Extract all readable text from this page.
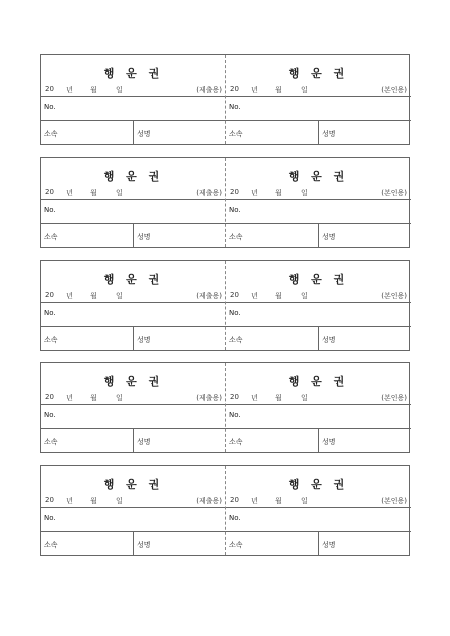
행 운 권
20 년 월	일	(제출용)
No.
소속	성명
행 운 권
20 년 월	일	(본인용)
No.
소속	성명
행 운 권
20 년 월	일	(제출용)
No.
소속	성명
행 운 권
20 년 월	일	(본인용)
No.
소속	성명
행 운 권
20 년 월	일	(제출용)
No.
소속	성명
행 운 권
20 년 월	일	(본인용)
No.
소속	성명
행 운 권
20 년 월	일	(제출용)
No.
소속	성명
행 운 권
20 년 월	일	(본인용)
No.
소속	성명
행 운 권
20 년 월	일	(제출용)
No.
소속	성명
행 운 권
20 년 월	일	(본인용)
No.
소속	성명
